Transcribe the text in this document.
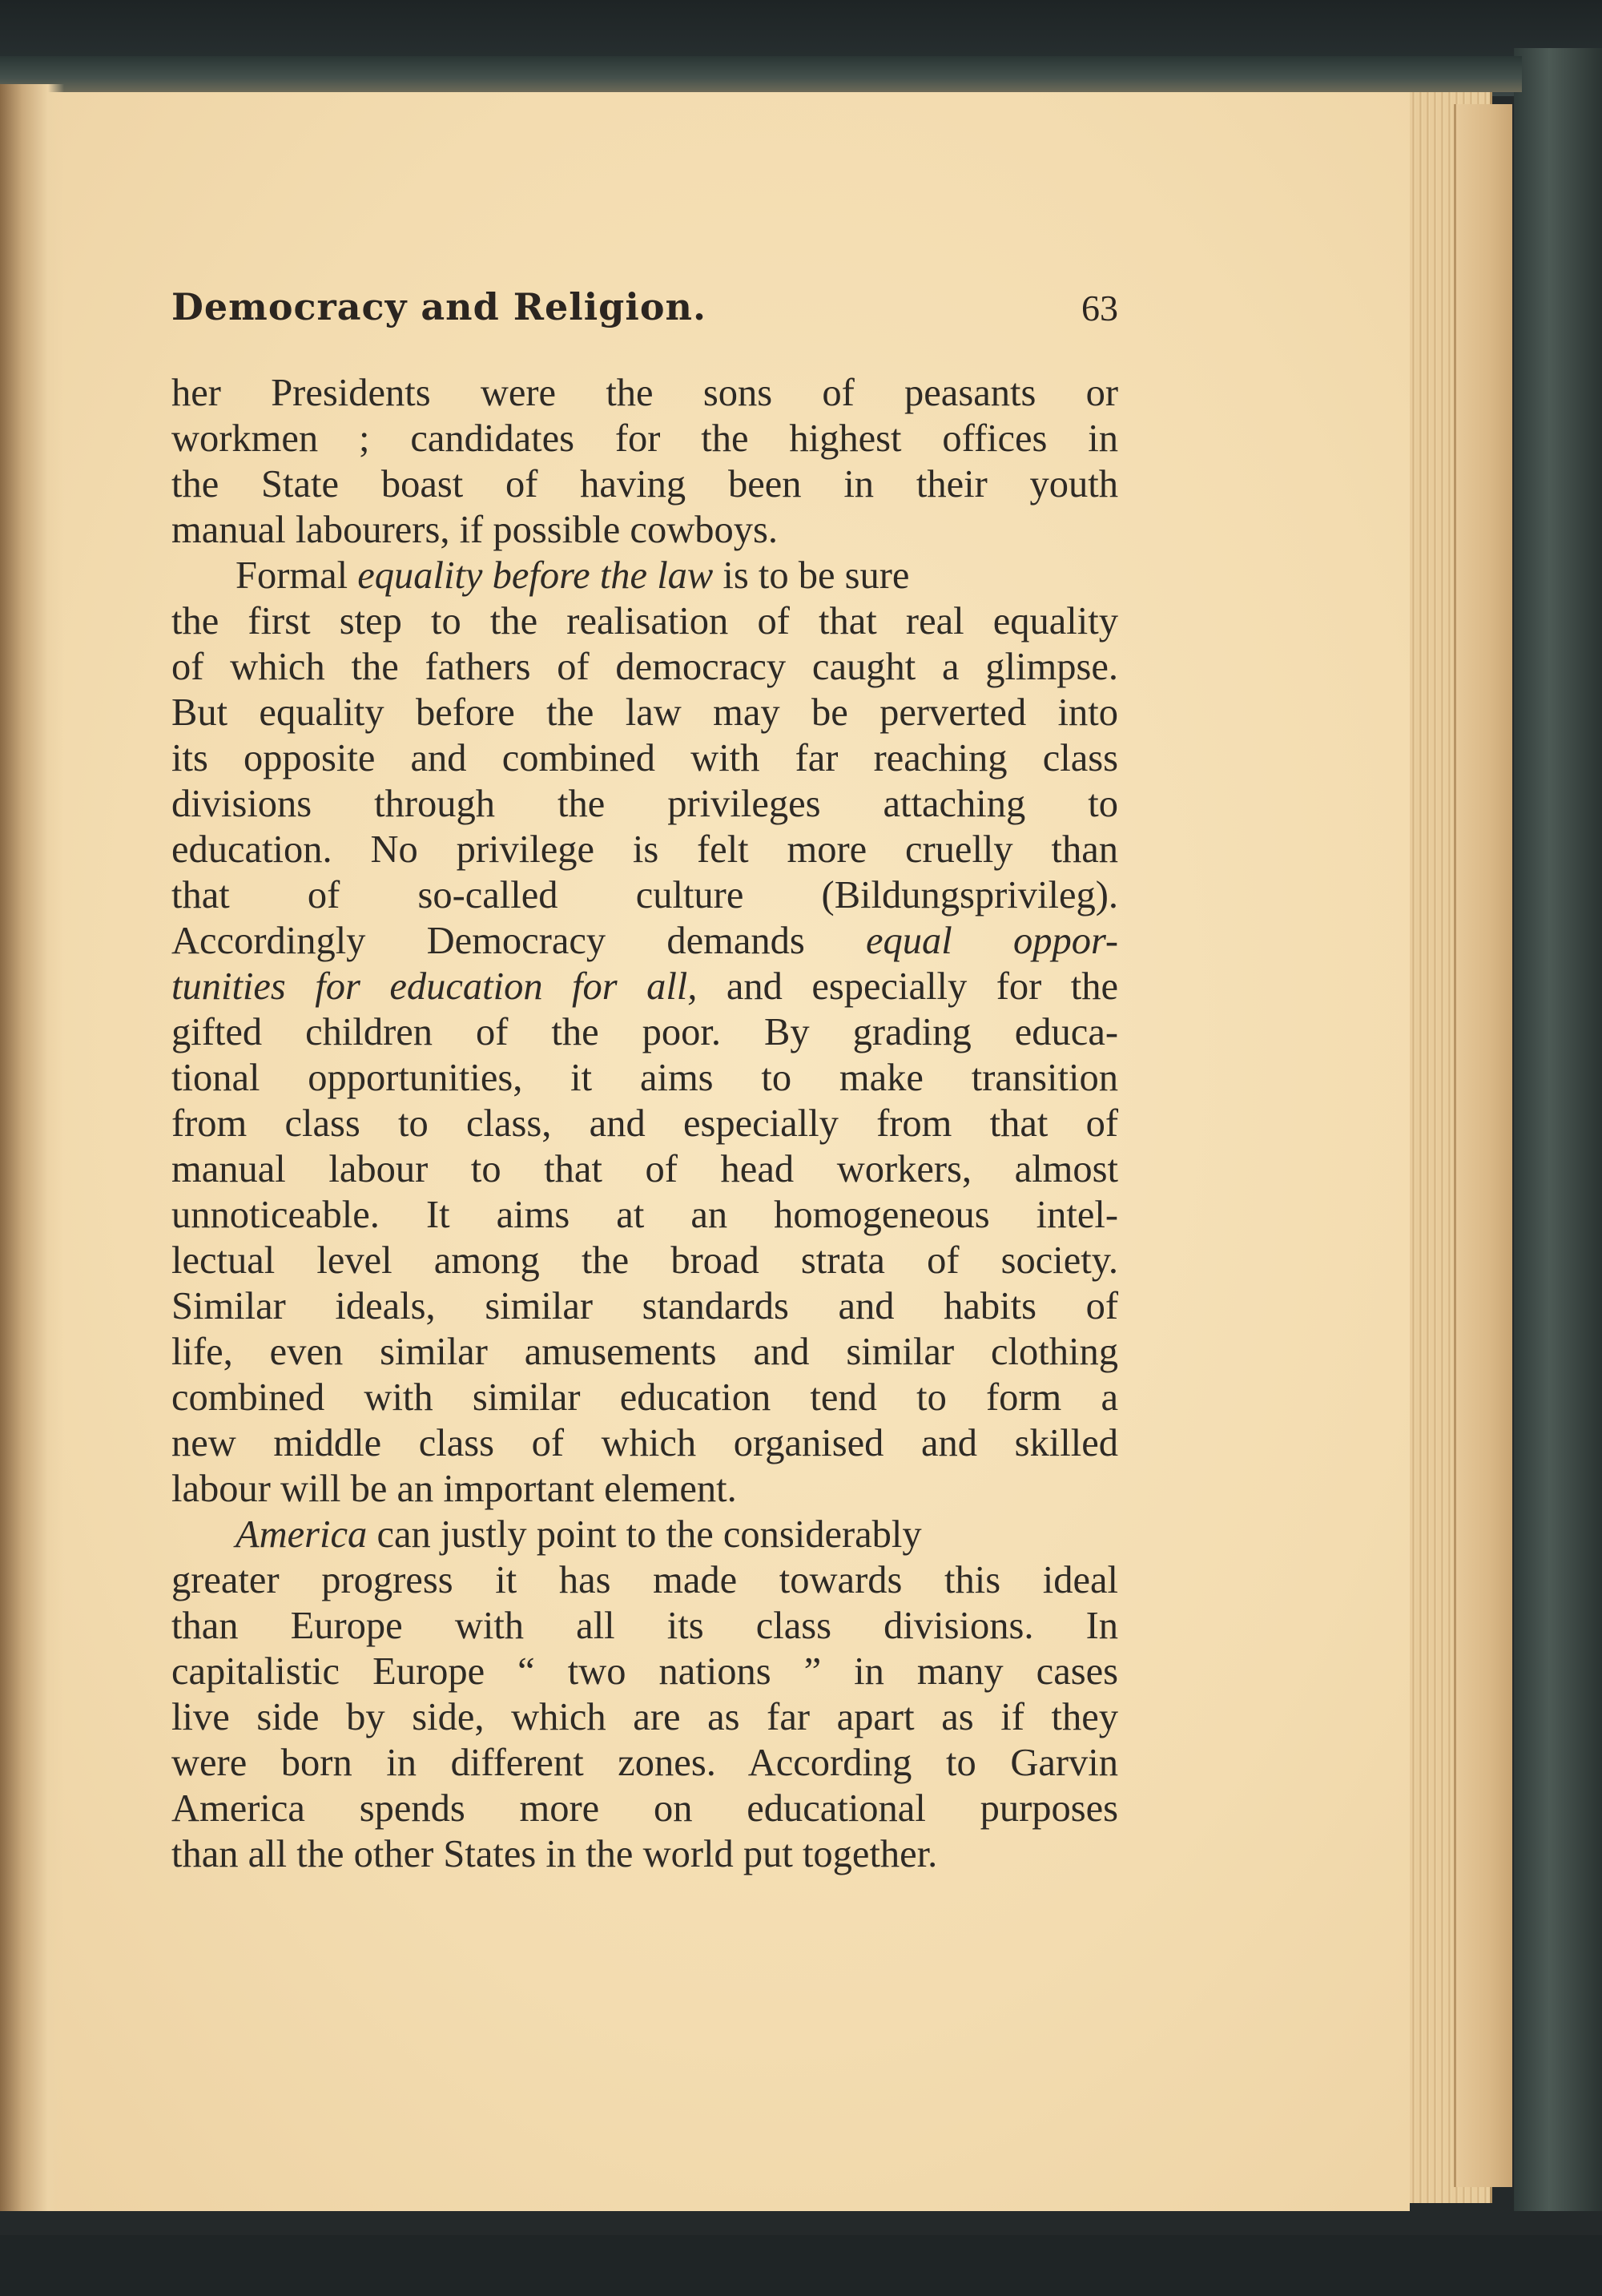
Democracy and Religion.	63
her Presidents were the sons of peasants or
workmen ; candidates for the highest offices in
the State boast of having been in their youth
manual labourers, if possible cowboys.
Formal equality before the law is to be sure
the first step to the realisation of that real equality
of which the fathers of democracy caught a glimpse.
But equality before the law may be perverted into
its opposite and combined with far reaching class
divisions through the privileges attaching to
education. No privilege is felt more cruelly than
that of so-called culture (Bildungsprivileg).
Accordingly Democracy demands equal oppor-
tunities for education for all, and especially for the
gifted children of the poor. By grading educa-
tional opportunities, it aims to make transition
from class to class, and especially from that of
manual labour to that of head workers, almost
unnoticeable. It aims at an homogeneous intel-
lectual level among the broad strata of society.
Similar ideals, similar standards and habits of
life, even similar amusements and similar clothing
combined with similar education tend to form a
new middle class of which organised and skilled
labour will be an important element.
America can justly point to the considerably
greater progress it has made towards this ideal
than Europe with all its class divisions. In
capitalistic Europe “ two nations ” in many cases
live side by side, which are as far apart as if they
were born in different zones. According to Garvin
America spends more on educational purposes
than all the other States in the world put together.
